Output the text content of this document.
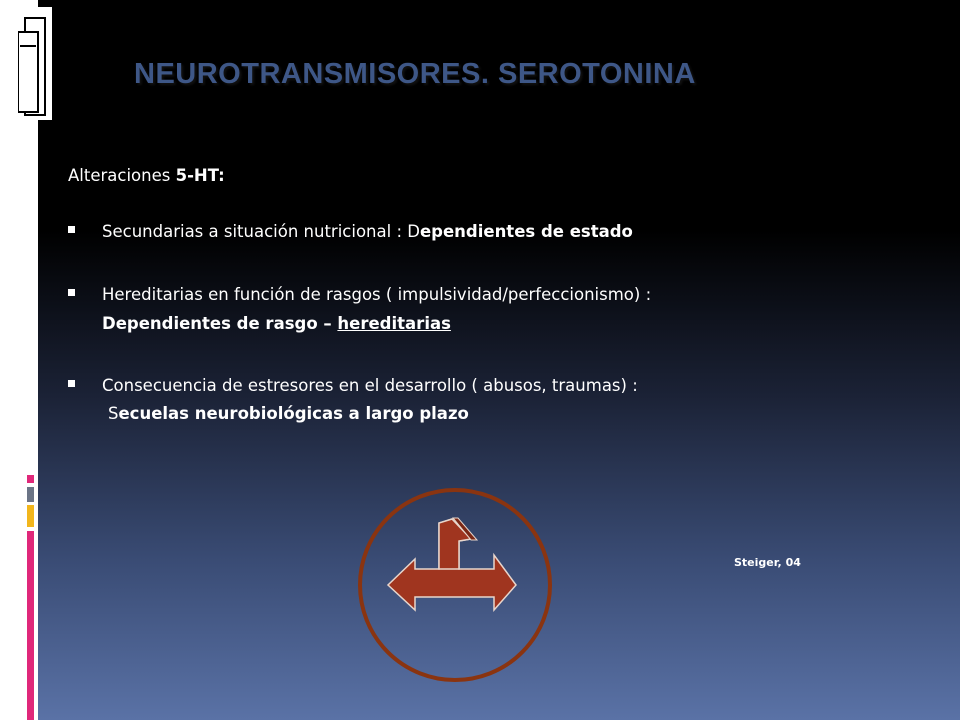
NEUROTRANSMISORES. SEROTONINA
Alteraciones 5-HT:
Secundarias a situación nutricional : Dependientes de estado
Hereditarias en función de rasgos ( impulsividad/perfeccionismo) :
Dependientes de rasgo – hereditarias
Consecuencia de estresores en el desarrollo ( abusos, traumas) :
Secuelas neurobiológicas a largo plazo
Steiger, 04
